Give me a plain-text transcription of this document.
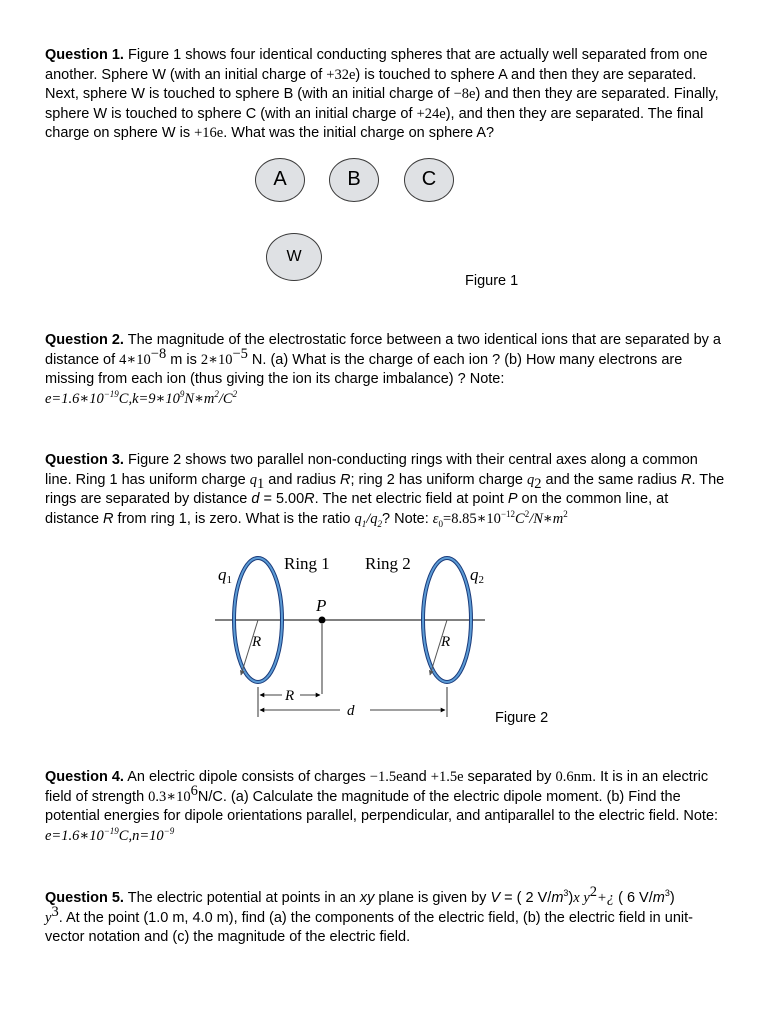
Question 1. Figure 1 shows four identical conducting spheres that are actually well separated from one another. Sphere W (with an initial charge of +32e) is touched to sphere A and then they are separated. Next, sphere W is touched to sphere B (with an initial charge of −8e) and then they are separated. Finally, sphere W is touched to sphere C (with an initial charge of +24e), and then they are separated. The final charge on sphere W is +16e. What was the initial charge on sphere A?
A	B	C
W
Figure 1
Question 2. The magnitude of the electrostatic force between a two identical ions that are separated by a distance of $4∗10^{-8}$ m is $2∗10^{-5}$ N. (a) What is the charge of each ion ? (b) How many electrons are missing from each ion (thus giving the ion its charge imbalance) ? Note:
$e=1.6∗10^{-19}C,k=9∗10^9N∗m^2/C^2$
Question 3. Figure 2 shows two parallel non-conducting rings with their central axes along a common line. Ring 1 has uniform charge $q_1$ and radius R; ring 2 has uniform charge $q_2$ and the same radius R. The rings are separated by distance d = 5.00R. The net electric field at point P on the common line, at distance R from ring 1, is zero. What is the ratio $q_1/q_2$? Note: $\varepsilon_0=8.85∗10^{-12}C^2/N∗m^2$
q1
Ring 1 Ring 2
q2
P
R	R
R
d	Figure 2
Question 4. An electric dipole consists of charges −1.5eand +1.5e separated by 0.6nm. It is in an electric field of strength $0.3∗10^6N/C$. (a) Calculate the magnitude of the electric dipole moment. (b) Find the potential energies for dipole orientations parallel, perpendicular, and antiparallel to the electric field. Note: $e=1.6∗10^{-19}C,n=10^{-9}$
Question 5. The electric potential at points in an xy plane is given by V = ( 2 $V/m^3)x$ $y^2+¿$ ( 6 $V/m^3$)
$y^3$. At the point (1.0 m, 4.0 m), find (a) the components of the electric field, (b) the electric field in unit-vector notation and (c) the magnitude of the electric field.
